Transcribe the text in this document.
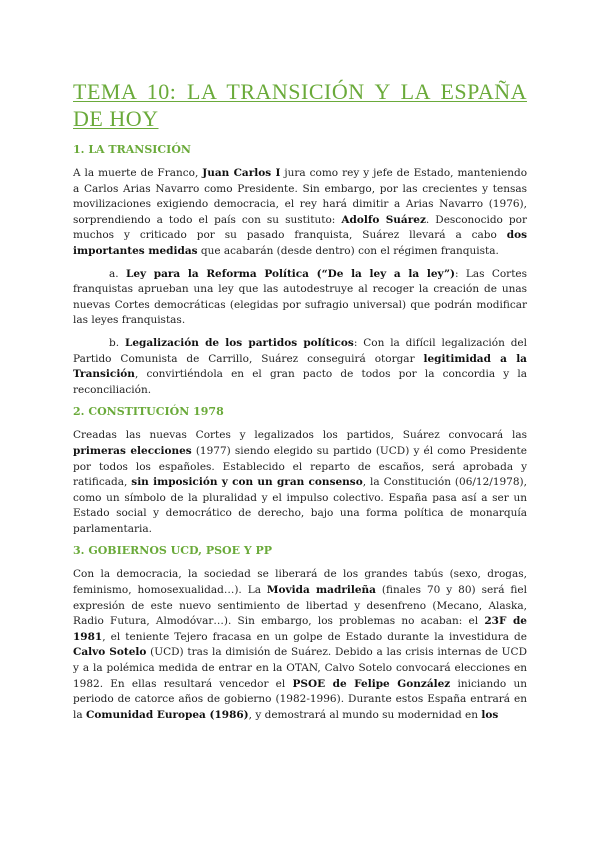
TEMA 10: LA TRANSICIÓN Y LA ESPAÑA DE HOY
1. LA TRANSICIÓN

A la muerte de Franco, Juan Carlos I jura como rey y jefe de Estado, manteniendo a Carlos Arias Navarro como Presidente. Sin embargo, por las crecientes y tensas movilizaciones exigiendo democracia, el rey hará dimitir a Arias Navarro (1976), sorprendiendo a todo el país con su sustituto: Adolfo Suárez. Desconocido por muchos y criticado por su pasado franquista, Suárez llevará a cabo dos importantes medidas que acabarán (desde dentro) con el régimen franquista.

a. Ley para la Reforma Política (“De la ley a la ley”): Las Cortes franquistas aprueban una ley que las autodestruye al recoger la creación de unas nuevas Cortes democráticas (elegidas por sufragio universal) que podrán modificar las leyes franquistas.

b. Legalización de los partidos políticos: Con la difícil legalización del Partido Comunista de Carrillo, Suárez conseguirá otorgar legitimidad a la Transición, convirtiéndola en el gran pacto de todos por la concordia y la reconciliación.

2. CONSTITUCIÓN 1978

Creadas las nuevas Cortes y legalizados los partidos, Suárez convocará las primeras elecciones (1977) siendo elegido su partido (UCD) y él como Presidente por todos los españoles. Establecido el reparto de escaños, será aprobada y ratificada, sin imposición y con un gran consenso, la Constitución (06/12/1978), como un símbolo de la pluralidad y el impulso colectivo. España pasa así a ser un Estado social y democrático de derecho, bajo una forma política de monarquía parlamentaria.

3. GOBIERNOS UCD, PSOE Y PP

Con la democracia, la sociedad se liberará de los grandes tabús (sexo, drogas, feminismo, homosexualidad…). La Movida madrileña (finales 70 y 80) será fiel expresión de este nuevo sentimiento de libertad y desenfreno (Mecano, Alaska, Radio Futura, Almodóvar…). Sin embargo, los problemas no acaban: el 23F de 1981, el teniente Tejero fracasa en un golpe de Estado durante la investidura de Calvo Sotelo (UCD) tras la dimisión de Suárez. Debido a las crisis internas de UCD y a la polémica medida de entrar en la OTAN, Calvo Sotelo convocará elecciones en 1982. En ellas resultará vencedor el PSOE de Felipe González iniciando un periodo de catorce años de gobierno (1982-1996). Durante estos España entrará en la Comunidad Europea (1986), y demostrará al mundo su modernidad en los
